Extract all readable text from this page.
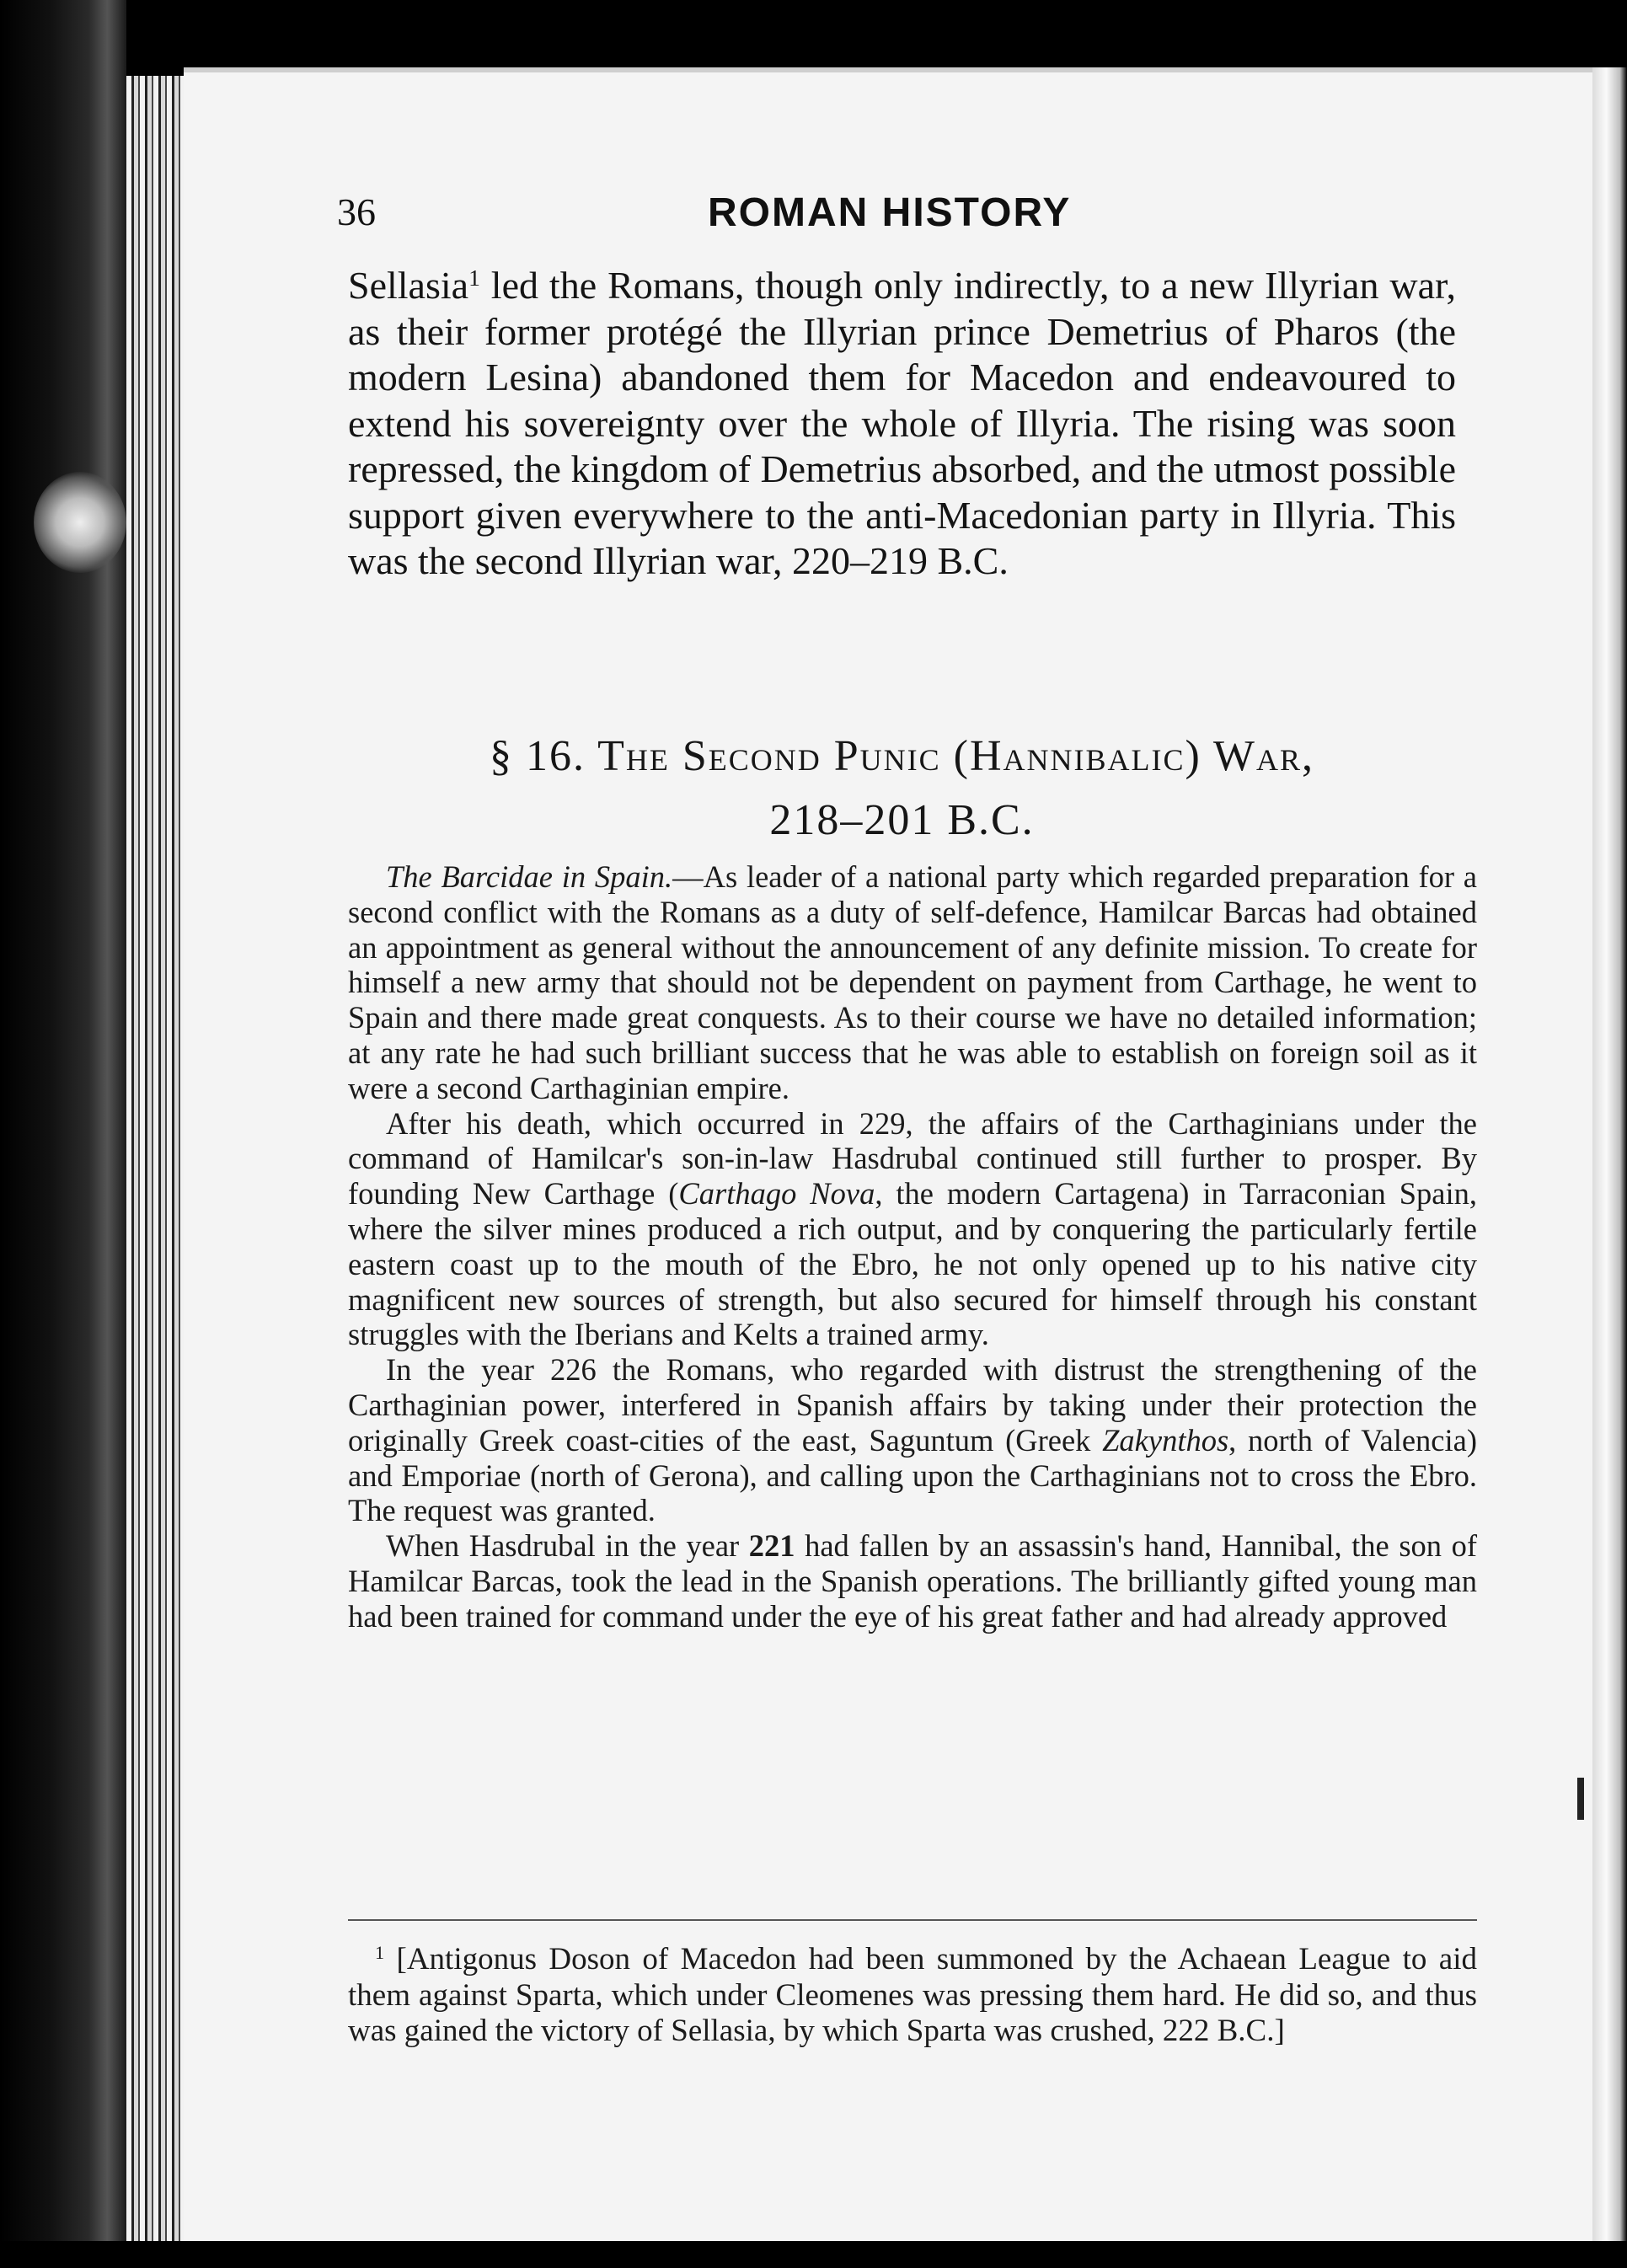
36	ROMAN HISTORY

Sellasia$^1$ led the Romans, though only indirectly, to a new Illyrian war, as their former protégé the Illyrian prince Demetrius of Pharos (the modern Lesina) abandoned them for Macedon and endeavoured to extend his sovereignty over the whole of Illyria. The rising was soon repressed, the kingdom of Demetrius absorbed, and the utmost possible support given everywhere to the anti-Macedonian party in Illyria. This was the second Illyrian war, 220–219 B.C.

§ 16. The Second Punic (Hannibalic) War,
218–201 B.C.

The Barcidae in Spain.—As leader of a national party which regarded preparation for a second conflict with the Romans as a duty of self-defence, Hamilcar Barcas had obtained an appointment as general without the announcement of any definite mission. To create for himself a new army that should not be dependent on payment from Carthage, he went to Spain and there made great conquests. As to their course we have no detailed information; at any rate he had such brilliant success that he was able to establish on foreign soil as it were a second Carthaginian empire.

After his death, which occurred in 229, the affairs of the Carthaginians under the command of Hamilcar's son-in-law Hasdrubal continued still further to prosper. By founding New Carthage (Carthago Nova, the modern Cartagena) in Tarraconian Spain, where the silver mines produced a rich output, and by conquering the particularly fertile eastern coast up to the mouth of the Ebro, he not only opened up to his native city magnificent new sources of strength, but also secured for himself through his constant struggles with the Iberians and Kelts a trained army.

In the year 226 the Romans, who regarded with distrust the strengthening of the Carthaginian power, interfered in Spanish affairs by taking under their protection the originally Greek coast-cities of the east, Saguntum (Greek Zakynthos, north of Valencia) and Emporiae (north of Gerona), and calling upon the Carthaginians not to cross the Ebro. The request was granted.

When Hasdrubal in the year 221 had fallen by an assassin's hand, Hannibal, the son of Hamilcar Barcas, took the lead in the Spanish operations. The brilliantly gifted young man had been trained for command under the eye of his great father and had already approved

$^1$ [Antigonus Doson of Macedon had been summoned by the Achaean League to aid them against Sparta, which under Cleomenes was pressing them hard. He did so, and thus was gained the victory of Sellasia, by which Sparta was crushed, 222 B.C.]
